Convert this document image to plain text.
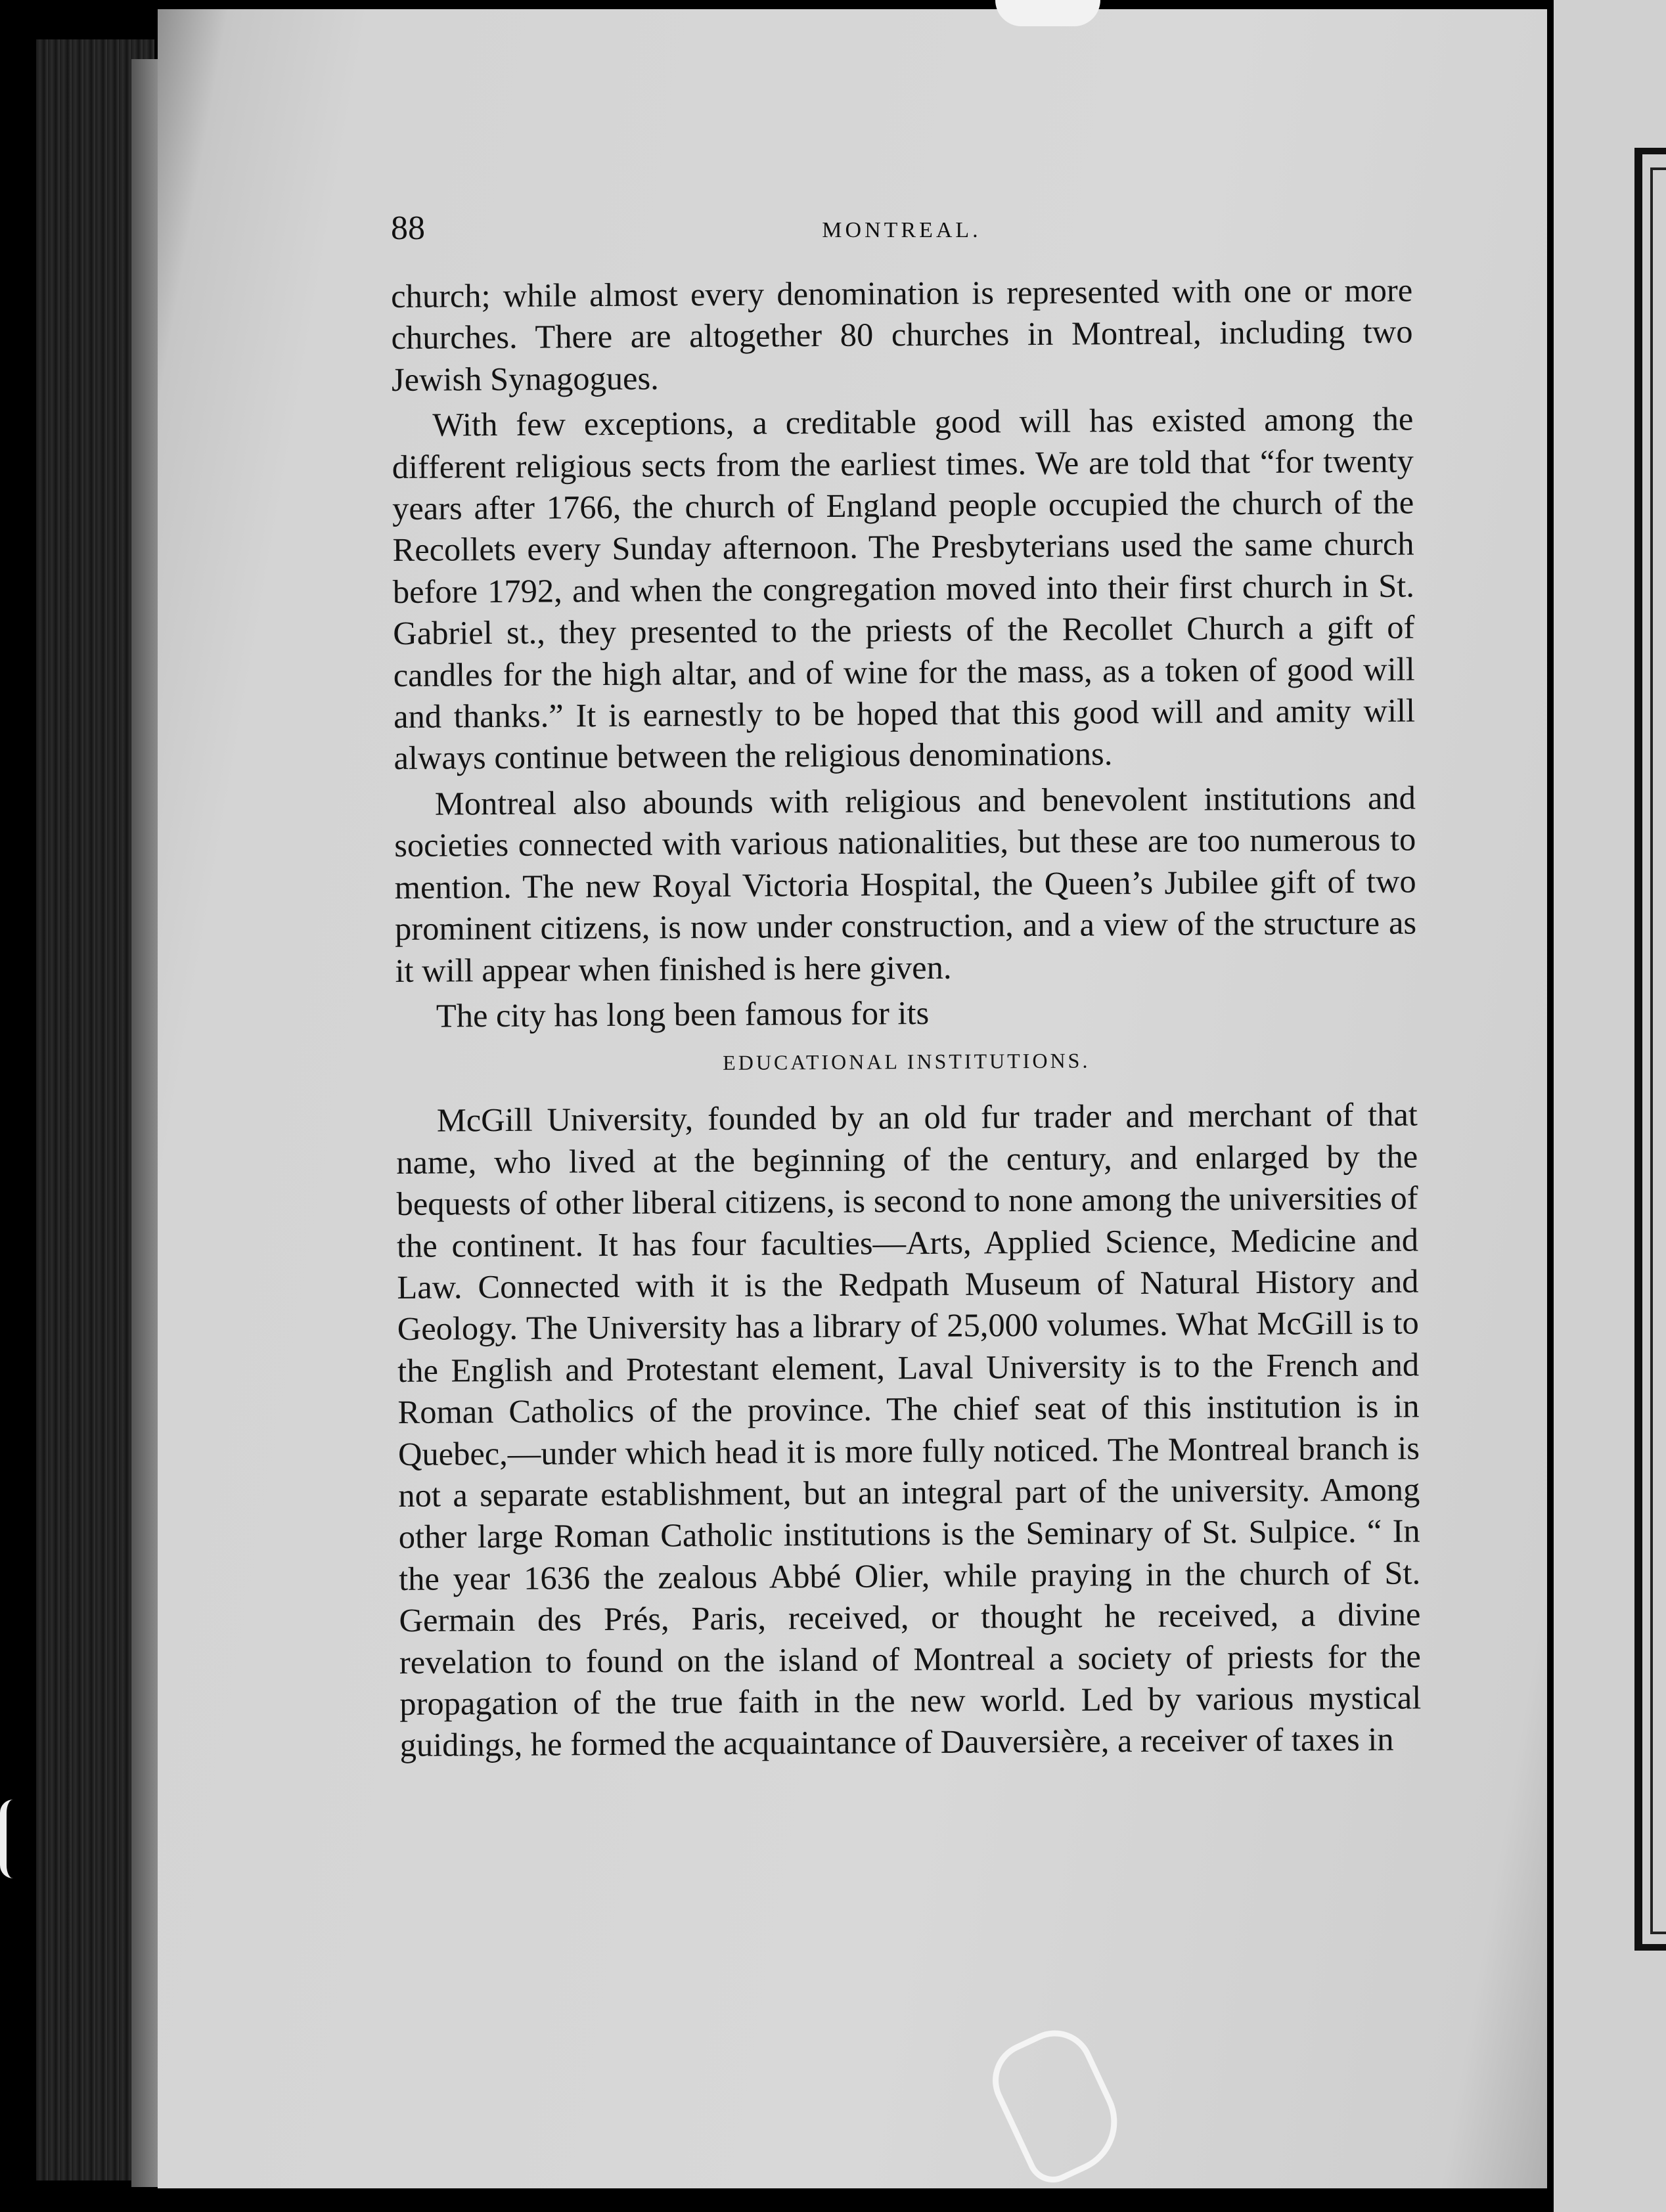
88	MONTREAL.

church; while almost every denomination is represented with one or more churches. There are altogether 80 churches in Montreal, including two Jewish Synagogues.

With few exceptions, a creditable good will has existed among the different religious sects from the earliest times. We are told that “for twenty years after 1766, the church of England people occupied the church of the Recollets every Sunday afternoon. The Presbyterians used the same church before 1792, and when the congregation moved into their first church in St. Gabriel st., they presented to the priests of the Recollet Church a gift of candles for the high altar, and of wine for the mass, as a token of good will and thanks.” It is earnestly to be hoped that this good will and amity will always continue between the religious denominations.

Montreal also abounds with religious and benevolent institutions and societies connected with various nationalities, but these are too numerous to mention. The new Royal Victoria Hospital, the Queen’s Jubilee gift of two prominent citizens, is now under construction, and a view of the structure as it will appear when finished is here given.

The city has long been famous for its

EDUCATIONAL INSTITUTIONS.

McGill University, founded by an old fur trader and merchant of that name, who lived at the beginning of the century, and enlarged by the bequests of other liberal citizens, is second to none among the universities of the continent. It has four faculties—Arts, Applied Science, Medicine and Law. Connected with it is the Redpath Museum of Natural History and Geology. The University has a library of 25,000 volumes. What McGill is to the English and Protestant element, Laval University is to the French and Roman Catholics of the province. The chief seat of this institution is in Quebec,—under which head it is more fully noticed. The Montreal branch is not a separate establishment, but an integral part of the university. Among other large Roman Catholic institutions is the Seminary of St. Sulpice. “ In the year 1636 the zealous Abbé Olier, while praying in the church of St. Germain des Prés, Paris, received, or thought he received, a divine revelation to found on the island of Montreal a society of priests for the propagation of the true faith in the new world. Led by various mystical guidings, he formed the acquaintance of Dauversière, a receiver of taxes in
